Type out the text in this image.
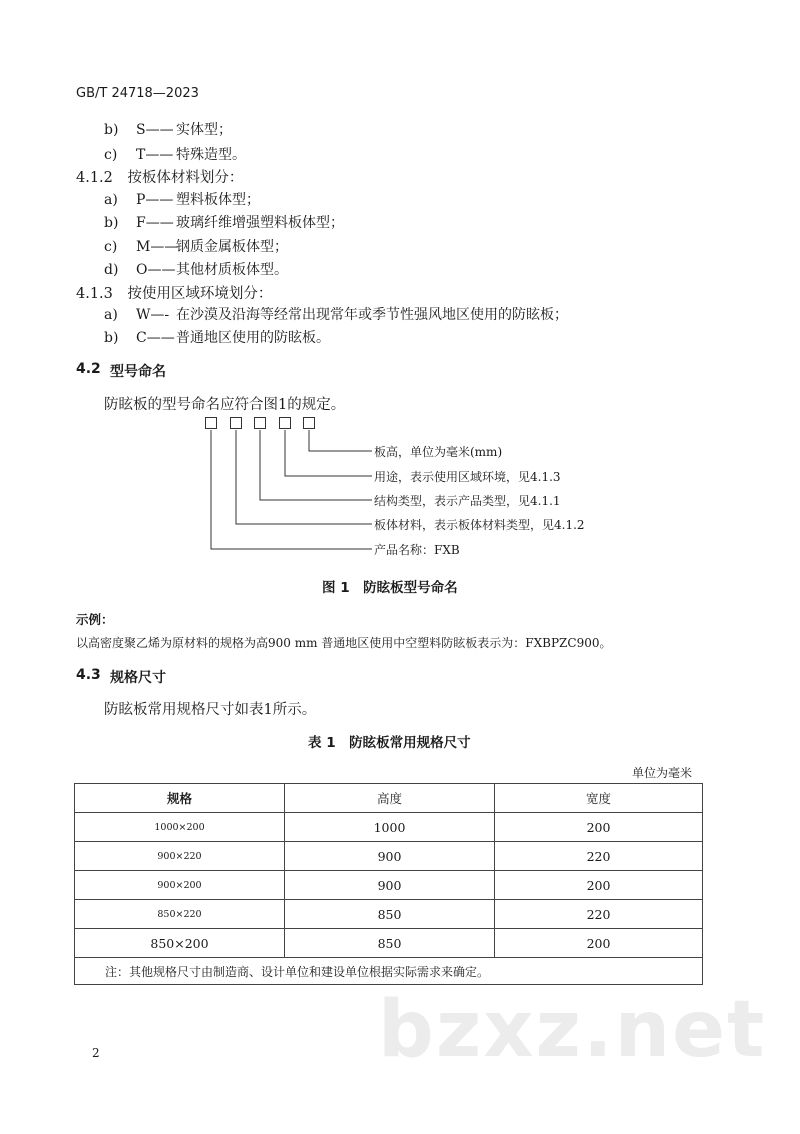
GB/T 24718—2023
b) S—— 实体型；
c) T—— 特殊造型。
4.1.2　按板体材料划分：
a) P—— 塑料板体型；
b) F—— 玻璃纤维增强塑料板体型；
c) M——钢质金属板体型；
d) O——其他材质板体型。
4.1.3　按使用区域环境划分：
a) W—- 在沙漠及沿海等经常出现常年或季节性强风地区使用的防眩板；
b) C——普通地区使用的防眩板。
4.2 型号命名
防眩板的型号命名应符合图1的规定。
板高，单位为毫米(mm)
用途，表示使用区域环境，见4.1.3
结构类型，表示产品类型，见4.1.1
板体材料，表示板体材料类型，见4.1.2
产品名称：FXB
图 1　防眩板型号命名
示例：
以高密度聚乙烯为原材料的规格为高900 mm 普通地区使用中空塑料防眩板表示为：FXBPZC900。
4.3 规格尺寸
防眩板常用规格尺寸如表1所示。
表 1　防眩板常用规格尺寸
单位为毫米
规格	高度	宽度
1000×200	1000	200
900×220	900	220
900×200	900	200
850×220	850	220
850×200	850	200
注：其他规格尺寸由制造商、设计单位和建设单位根据实际需求来确定。		
bzxz.net
2
